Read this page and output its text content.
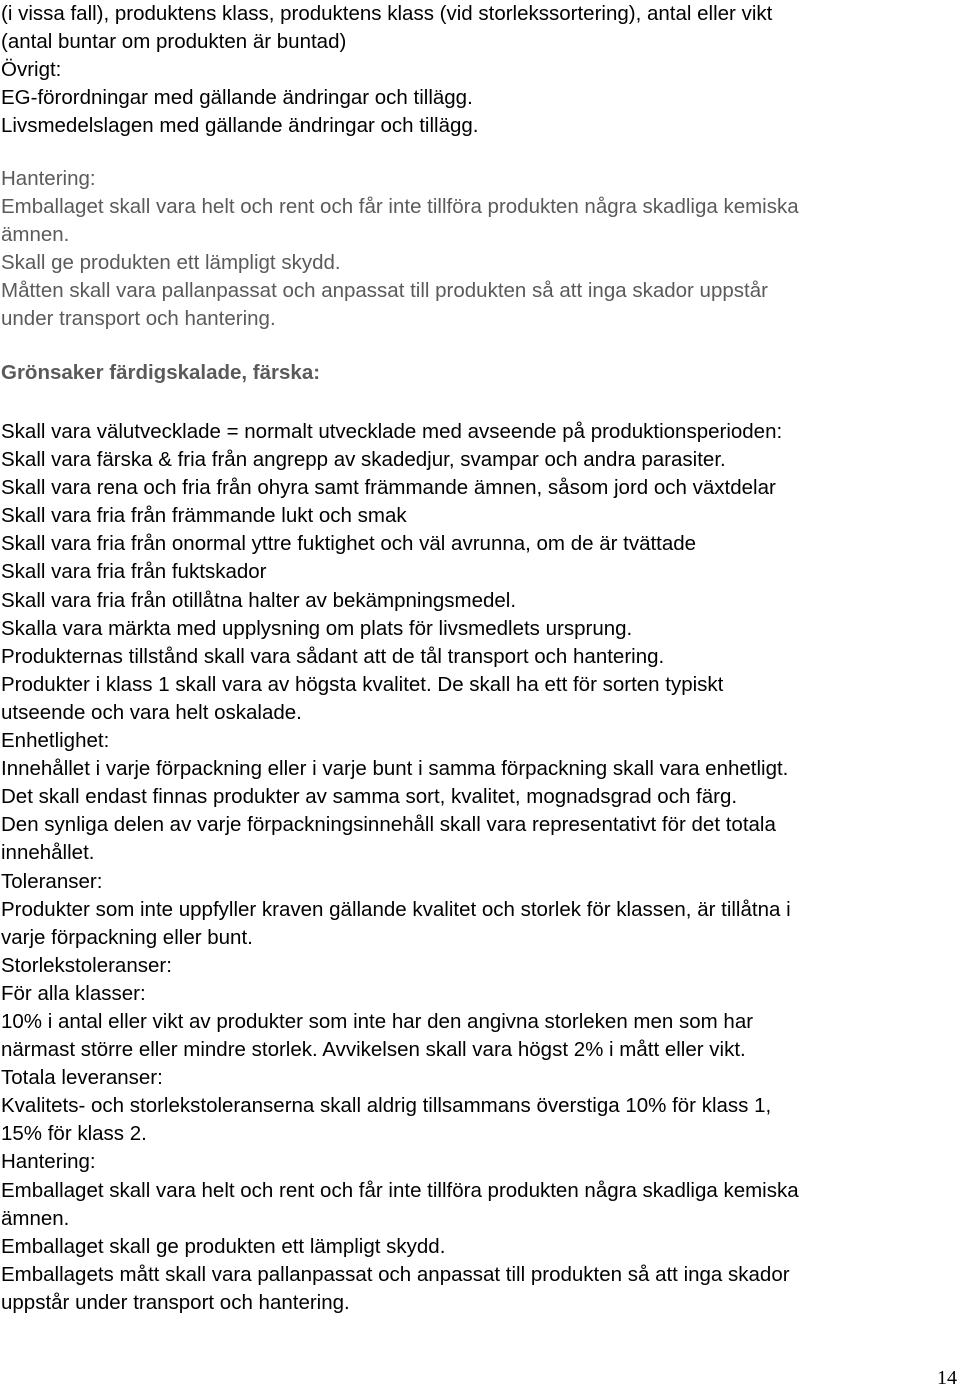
(i vissa fall), produktens klass, produktens klass (vid storlekssortering), antal eller vikt
(antal buntar om produkten är buntad)
Övrigt:
EG-förordningar med gällande ändringar och tillägg.
Livsmedelslagen med gällande ändringar och tillägg.
Hantering:
Emballaget skall vara helt och rent och får inte tillföra produkten några skadliga kemiska
ämnen.
Skall ge produkten ett lämpligt skydd.
Måtten skall vara pallanpassat och anpassat till produkten så att inga skador uppstår
under transport och hantering.
Grönsaker färdigskalade, färska:
Skall vara välutvecklade = normalt utvecklade med avseende på produktionsperioden:
Skall vara färska & fria från angrepp av skadedjur, svampar och andra parasiter.
Skall vara rena och fria från ohyra samt främmande ämnen, såsom jord och växtdelar
Skall vara fria från främmande lukt och smak
Skall vara fria från onormal yttre fuktighet och väl avrunna, om de är tvättade
Skall vara fria från fuktskador
Skall vara fria från otillåtna halter av bekämpningsmedel.
Skalla vara märkta med upplysning om plats för livsmedlets ursprung.
Produkternas tillstånd skall vara sådant att de tål transport och hantering.
Produkter i klass 1 skall vara av högsta kvalitet. De skall ha ett för sorten typiskt
utseende och vara helt oskalade.
Enhetlighet:
Innehållet i varje förpackning eller i varje bunt i samma förpackning skall vara enhetligt.
Det skall endast finnas produkter av samma sort, kvalitet, mognadsgrad och färg.
Den synliga delen av varje förpackningsinnehåll skall vara representativt för det totala
innehållet.
Toleranser:
Produkter som inte uppfyller kraven gällande kvalitet och storlek för klassen, är tillåtna i
varje förpackning eller bunt.
Storlekstoleranser:
För alla klasser:
10% i antal eller vikt av produkter som inte har den angivna storleken men som har
närmast större eller mindre storlek. Avvikelsen skall vara högst 2% i mått eller vikt.
Totala leveranser:
Kvalitets- och storlekstoleranserna skall aldrig tillsammans överstiga 10% för klass 1,
15% för klass 2.
Hantering:
Emballaget skall vara helt och rent och får inte tillföra produkten några skadliga kemiska
ämnen.
Emballaget skall ge produkten ett lämpligt skydd.
Emballagets mått skall vara pallanpassat och anpassat till produkten så att inga skador
uppstår under transport och hantering.
14
